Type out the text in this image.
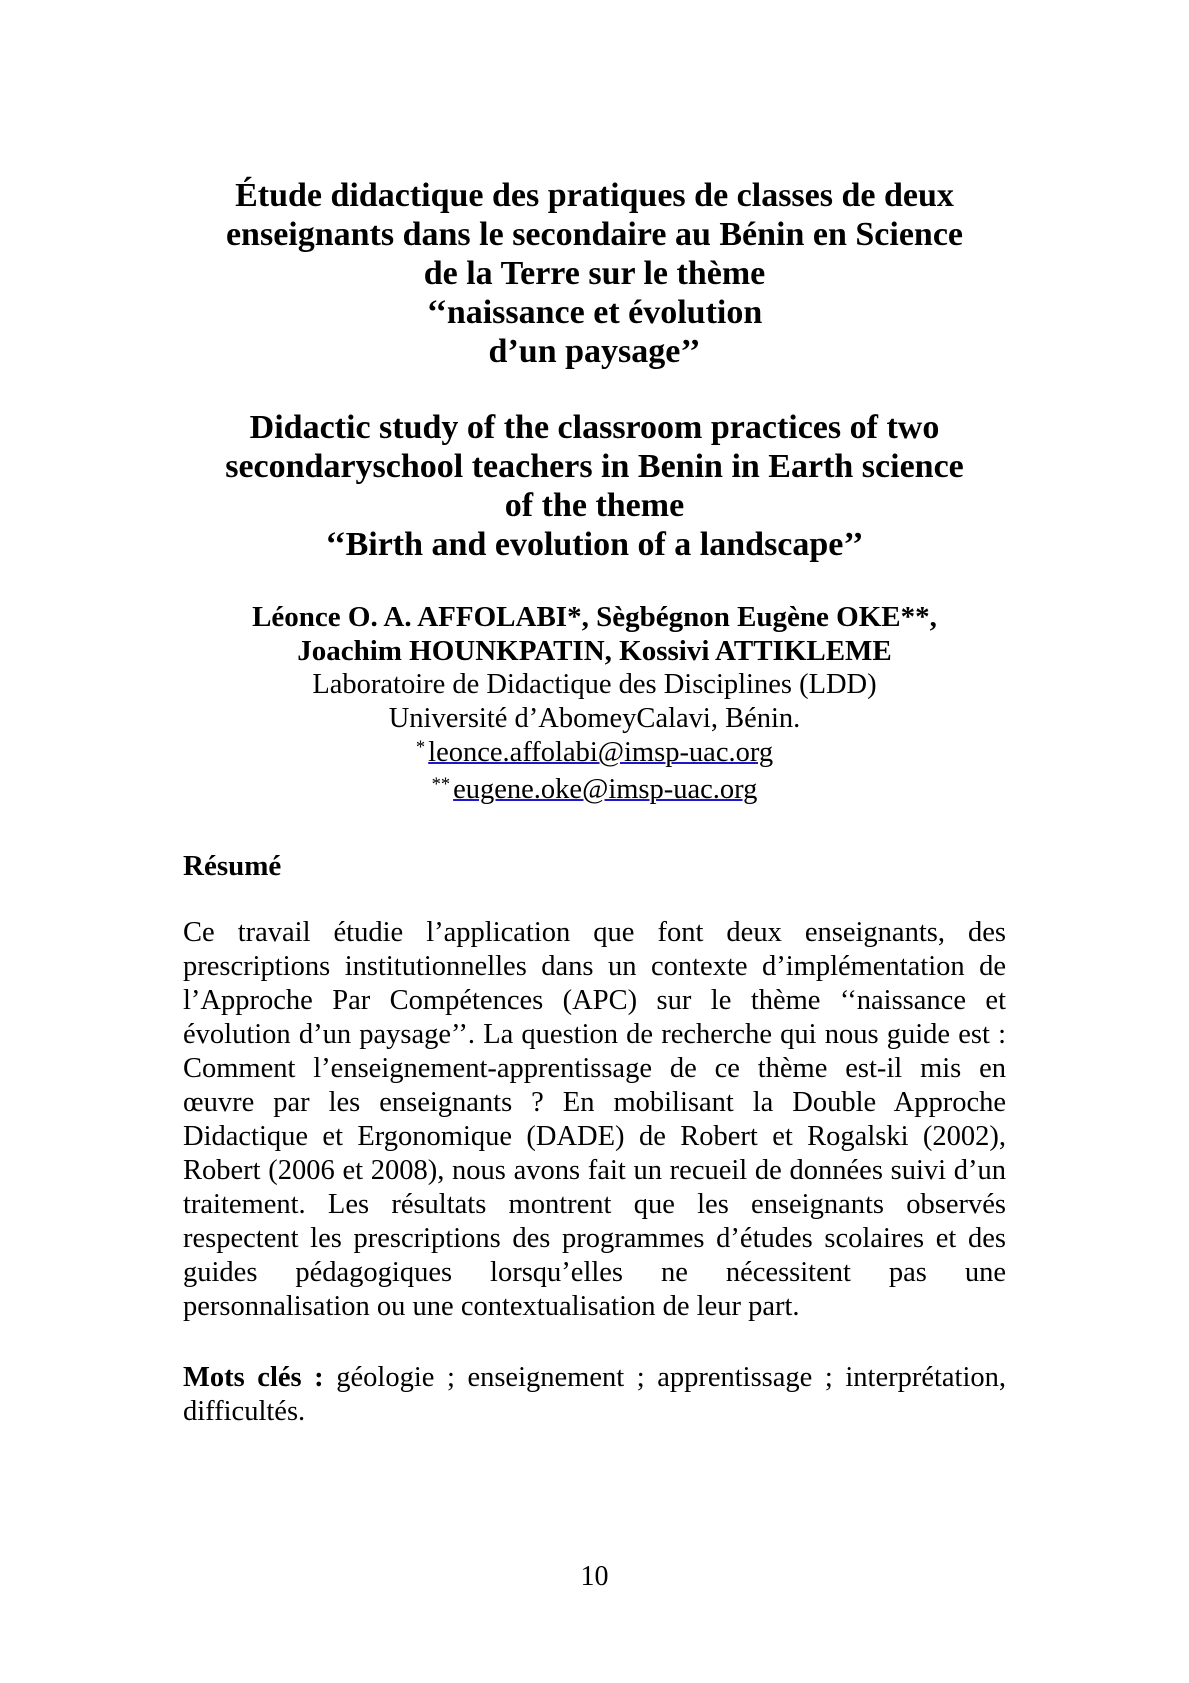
Étude didactique des pratiques de classes de deux
enseignants dans le secondaire au Bénin en Science
de la Terre sur le thème
‘‘naissance et évolution
d’un paysage’’
Didactic study of the classroom practices of two
secondaryschool teachers in Benin in Earth science
of the theme
‘‘Birth and evolution of a landscape’’
Léonce O. A. AFFOLABI*, Sègbégnon Eugène OKE**,
Joachim HOUNKPATIN, Kossivi ATTIKLEME
Laboratoire de Didactique des Disciplines (LDD)
Université d’AbomeyCalavi, Bénin.
* leonce.affolabi@imsp-uac.org
** eugene.oke@imsp-uac.org
Résumé
Ce travail étudie l’application que font deux enseignants, des prescriptions institutionnelles dans un contexte d’implémentation de l’Approche Par Compétences (APC) sur le thème ‘‘naissance et évolution d’un paysage’’. La question de recherche qui nous guide est : Comment l’enseignement-apprentissage de ce thème est-il mis en œuvre par les enseignants ? En mobilisant la Double Approche Didactique et Ergonomique (DADE) de Robert et Rogalski (2002), Robert (2006 et 2008), nous avons fait un recueil de données suivi d’un traitement. Les résultats montrent que les enseignants observés respectent les prescriptions des programmes d’études scolaires et des guides pédagogiques lorsqu’elles ne nécessitent pas une personnalisation ou une contextualisation de leur part.
Mots clés : géologie ; enseignement ; apprentissage ; interprétation, difficultés.
10
